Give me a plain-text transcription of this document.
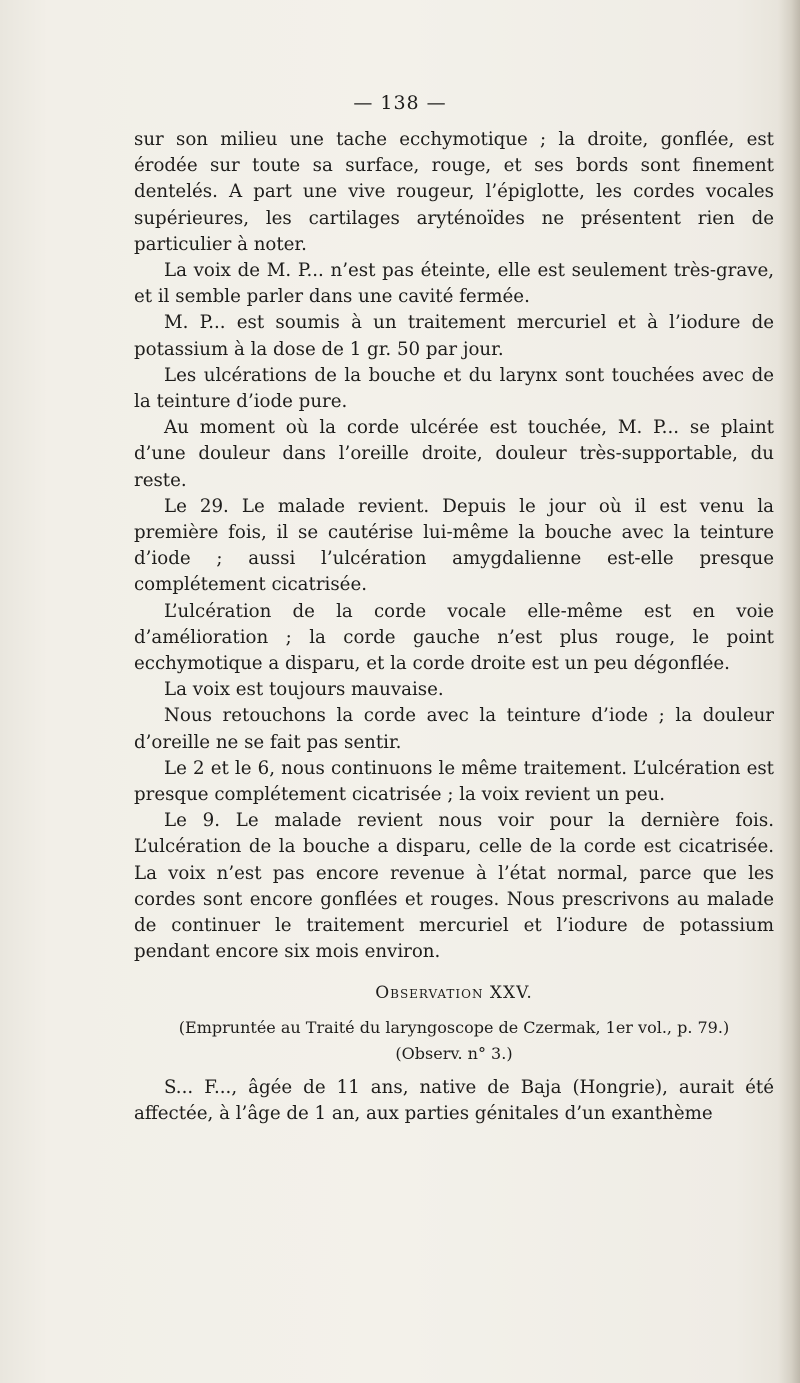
— 138 —

sur son milieu une tache ecchymotique ; la droite, gonflée, est érodée sur toute sa surface, rouge, et ses bords sont finement dentelés. A part une vive rougeur, l’épiglotte, les cordes vocales supérieures, les cartilages aryténoïdes ne présentent rien de particulier à noter.

La voix de M. P... n’est pas éteinte, elle est seulement très-grave, et il semble parler dans une cavité fermée.

M. P... est soumis à un traitement mercuriel et à l’iodure de potassium à la dose de 1 gr. 50 par jour.

Les ulcérations de la bouche et du larynx sont touchées avec de la teinture d’iode pure.

Au moment où la corde ulcérée est touchée, M. P... se plaint d’une douleur dans l’oreille droite, douleur très-supportable, du reste.

Le 29. Le malade revient. Depuis le jour où il est venu la première fois, il se cautérise lui-même la bouche avec la teinture d’iode ; aussi l’ulcération amygdalienne est-elle presque complétement cicatrisée.

L’ulcération de la corde vocale elle-même est en voie d’amélioration ; la corde gauche n’est plus rouge, le point ecchymotique a disparu, et la corde droite est un peu dégonflée.

La voix est toujours mauvaise.

Nous retouchons la corde avec la teinture d’iode ; la douleur d’oreille ne se fait pas sentir.

Le 2 et le 6, nous continuons le même traitement. L’ulcération est presque complétement cicatrisée ; la voix revient un peu.

Le 9. Le malade revient nous voir pour la dernière fois. L’ulcération de la bouche a disparu, celle de la corde est cicatrisée. La voix n’est pas encore revenue à l’état normal, parce que les cordes sont encore gonflées et rouges. Nous prescrivons au malade de continuer le traitement mercuriel et l’iodure de potassium pendant encore six mois environ.

Observation XXV.

(Empruntée au Traité du laryngoscope de Czermak, 1er vol., p. 79.)

(Observ. n° 3.)

S... F..., âgée de 11 ans, native de Baja (Hongrie), aurait été affectée, à l’âge de 1 an, aux parties génitales d’un exanthème
